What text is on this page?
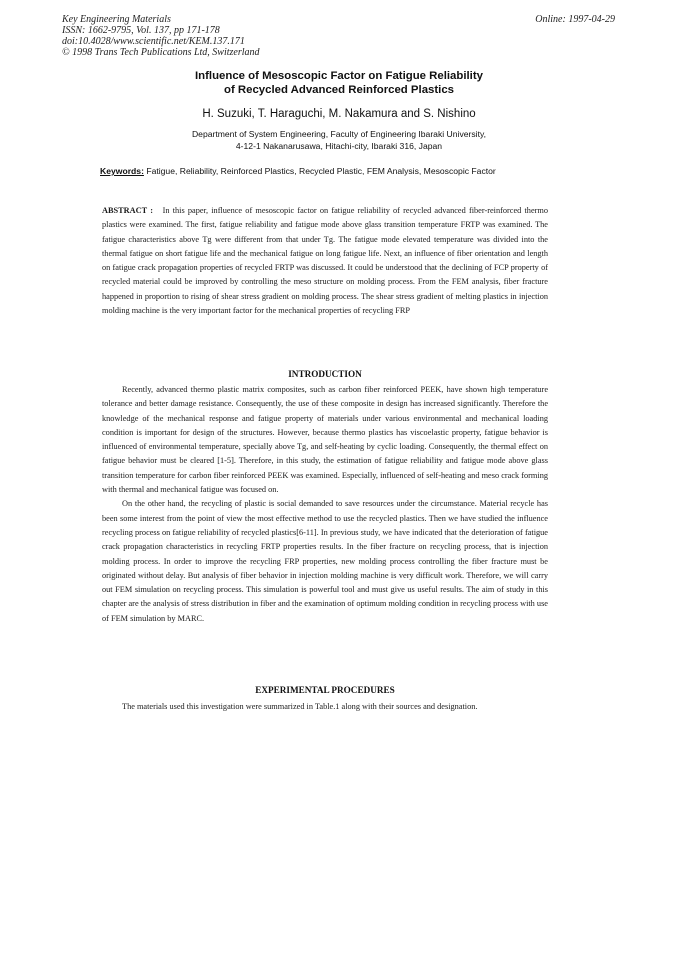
Key Engineering Materials
ISSN: 1662-9795, Vol. 137, pp 171-178
doi:10.4028/www.scientific.net/KEM.137.171
© 1998 Trans Tech Publications Ltd, Switzerland
Online: 1997-04-29
Influence of Mesoscopic Factor on Fatigue Reliability
of Recycled Advanced Reinforced Plastics
H. Suzuki, T. Haraguchi, M. Nakamura and S. Nishino
Department of System Engineering, Faculty of Engineering Ibaraki University,
4-12-1 Nakanarusawa, Hitachi-city, Ibaraki 316, Japan
Keywords: Fatigue, Reliability, Reinforced Plastics, Recycled Plastic, FEM Analysis, Mesoscopic Factor
ABSTRACT : In this paper, influence of mesoscopic factor on fatigue reliability of recycled advanced fiber-reinforced thermo plastics were examined. The first, fatigue reliability and fatigue mode above glass transition temperature FRTP was examined. The fatigue characteristics above Tg were different from that under Tg. The fatigue mode elevated temperature was divided into the thermal fatigue on short fatigue life and the mechanical fatigue on long fatigue life. Next, an influence of fiber orientation and length on fatigue crack propagation properties of recycled FRTP was discussed. It could be understood that the declining of FCP property of recycled material could be improved by controlling the meso structure on molding process. From the FEM analysis, fiber fracture happened in proportion to rising of shear stress gradient on molding process. The shear stress gradient of melting plastics in injection molding machine is the very important factor for the mechanical properties of recycling FRP
INTRODUCTION

Recently, advanced thermo plastic matrix composites, such as carbon fiber reinforced PEEK, have shown high temperature tolerance and better damage resistance. Consequently, the use of these composite in design has increased significantly. Therefore the knowledge of the mechanical response and fatigue property of materials under various environmental and mechanical loading condition is important for design of the structures. However, because thermo plastics has viscoelastic property, fatigue behavior is influenced of environmental temperature, specially above Tg, and self-heating by cyclic loading. Consequently, the thermal effect on fatigue behavior must be cleared [1-5]. Therefore, in this study, the estimation of fatigue reliability and fatigue mode above glass transition temperature for carbon fiber reinforced PEEK was examined. Especially, influenced of self-heating and meso crack forming with thermal and mechanical fatigue was focused on.

On the other hand, the recycling of plastic is social demanded to save resources under the circumstance. Material recycle has been some interest from the point of view the most effective method to use the recycled plastics. Then we have studied the influence recycling process on fatigue reliability of recycled plastics[6-11]. In previous study, we have indicated that the deterioration of fatigue crack propagation characteristics in recycling FRTP properties results. In the fiber fracture on recycling process, that is injection molding process. In order to improve the recycling FRP properties, new molding process controlling the fiber fracture must be originated without delay. But analysis of fiber behavior in injection molding machine is very difficult work. Therefore, we will carry out FEM simulation on recycling process. This simulation is powerful tool and must give us useful results. The aim of study in this chapter are the analysis of stress distribution in fiber and the examination of optimum molding condition in recycling process with use of FEM simulation by MARC.

EXPERIMENTAL PROCEDURES

The materials used this investigation were summarized in Table.1 along with their sources and designation.
